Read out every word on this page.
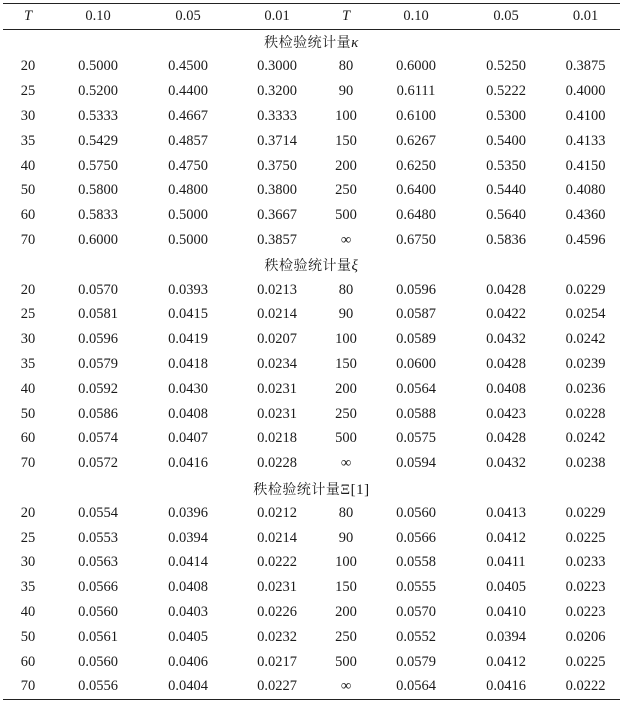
T	0.10	0.05	0.01	T	0.10	0.05	0.01
秩检验统计量κ							
20	0.5000	0.4500	0.3000	80	0.6000	0.5250	0.3875
25	0.5200	0.4400	0.3200	90	0.6111	0.5222	0.4000
30	0.5333	0.4667	0.3333	100	0.6100	0.5300	0.4100
35	0.5429	0.4857	0.3714	150	0.6267	0.5400	0.4133
40	0.5750	0.4750	0.3750	200	0.6250	0.5350	0.4150
50	0.5800	0.4800	0.3800	250	0.6400	0.5440	0.4080
60	0.5833	0.5000	0.3667	500	0.6480	0.5640	0.4360
70	0.6000	0.5000	0.3857	∞	0.6750	0.5836	0.4596
秩检验统计量ξ							
20	0.0570	0.0393	0.0213	80	0.0596	0.0428	0.0229
25	0.0581	0.0415	0.0214	90	0.0587	0.0422	0.0254
30	0.0596	0.0419	0.0207	100	0.0589	0.0432	0.0242
35	0.0579	0.0418	0.0234	150	0.0600	0.0428	0.0239
40	0.0592	0.0430	0.0231	200	0.0564	0.0408	0.0236
50	0.0586	0.0408	0.0231	250	0.0588	0.0423	0.0228
60	0.0574	0.0407	0.0218	500	0.0575	0.0428	0.0242
70	0.0572	0.0416	0.0228	∞	0.0594	0.0432	0.0238
秩检验统计量Ξ[1]							
20	0.0554	0.0396	0.0212	80	0.0560	0.0413	0.0229
25	0.0553	0.0394	0.0214	90	0.0566	0.0412	0.0225
30	0.0563	0.0414	0.0222	100	0.0558	0.0411	0.0233
35	0.0566	0.0408	0.0231	150	0.0555	0.0405	0.0223
40	0.0560	0.0403	0.0226	200	0.0570	0.0410	0.0223
50	0.0561	0.0405	0.0232	250	0.0552	0.0394	0.0206
60	0.0560	0.0406	0.0217	500	0.0579	0.0412	0.0225
70	0.0556	0.0404	0.0227	∞	0.0564	0.0416	0.0222
